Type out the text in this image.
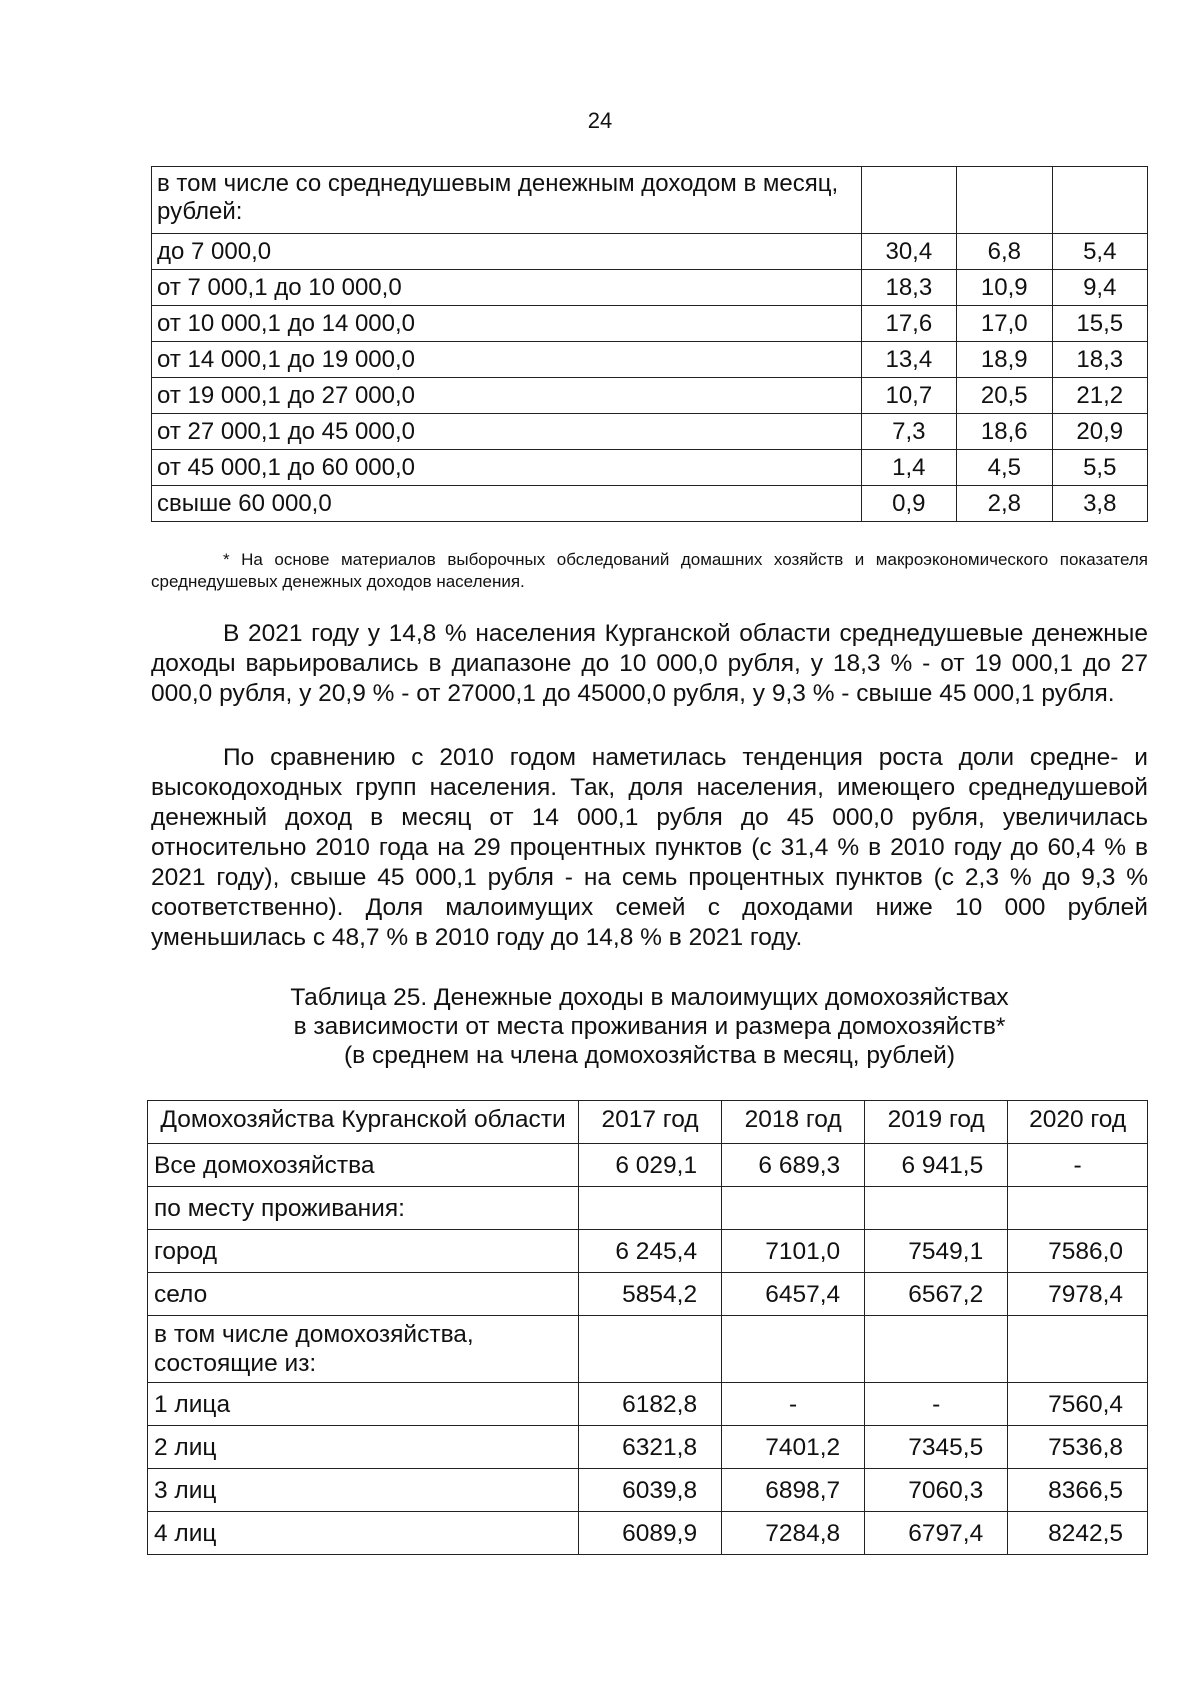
24
в том числе со среднедушевым денежным доходом в месяц, рублей:			
до 7 000,0	30,4	6,8	5,4
от 7 000,1 до 10 000,0	18,3	10,9	9,4
от 10 000,1 до 14 000,0	17,6	17,0	15,5
от 14 000,1 до 19 000,0	13,4	18,9	18,3
от 19 000,1 до 27 000,0	10,7	20,5	21,2
от 27 000,1 до 45 000,0	7,3	18,6	20,9
от 45 000,1 до 60 000,0	1,4	4,5	5,5
свыше 60 000,0	0,9	2,8	3,8
* На основе материалов выборочных обследований домашних хозяйств и макроэкономического показателя среднедушевых денежных доходов населения.

В 2021 году у 14,8 % населения Курганской области среднедушевые денежные доходы варьировались в диапазоне до 10 000,0 рубля, у 18,3 % - от 19 000,1 до 27 000,0 рубля, у 20,9 % - от 27000,1 до 45000,0 рубля, у 9,3 % - свыше 45 000,1 рубля.

По сравнению с 2010 годом наметилась тенденция роста доли средне- и высокодоходных групп населения. Так, доля населения, имеющего среднедушевой денежный доход в месяц от 14 000,1 рубля до 45 000,0 рубля, увеличилась относительно 2010 года на 29 процентных пунктов (с 31,4 % в 2010 году до 60,4 % в 2021 году), свыше 45 000,1 рубля - на семь процентных пунктов (с 2,3 % до 9,3 % соответственно). Доля малоимущих семей с доходами ниже 10 000 рублей уменьшилась с 48,7 % в 2010 году до 14,8 % в 2021 году.

Таблица 25. Денежные доходы в малоимущих домохозяйствах
в зависимости от места проживания и размера домохозяйств*
(в среднем на члена домохозяйства в месяц, рублей)
Домохозяйства Курганской области	2017 год	2018 год	2019 год	2020 год
Все домохозяйства	6 029,1	6 689,3	6 941,5	-
по месту проживания:				
город	6 245,4	7101,0	7549,1	7586,0
село	5854,2	6457,4	6567,2	7978,4
в том числе домохозяйства, состоящие из:				
1 лица	6182,8	-	-	7560,4
2 лиц	6321,8	7401,2	7345,5	7536,8
3 лиц	6039,8	6898,7	7060,3	8366,5
4 лиц	6089,9	7284,8	6797,4	8242,5
